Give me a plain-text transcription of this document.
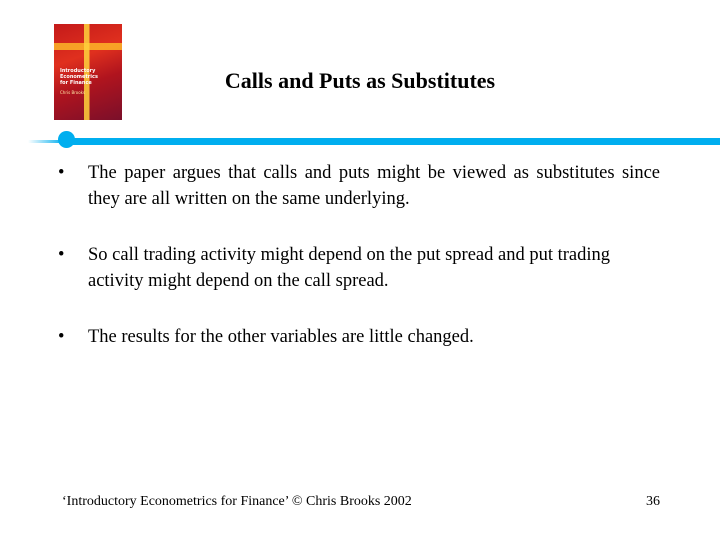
Introductory
Econometrics
for Finance
Chris Brooks	Calls and Puts as Substitutes
• The paper argues that calls and puts might be viewed as substitutes since they are all written on the same underlying.
• So call trading activity might depend on the put spread and put trading activity might depend on the call spread.
• The results for the other variables are little changed.
‘Introductory Econometrics for Finance’ © Chris Brooks 2002	36
